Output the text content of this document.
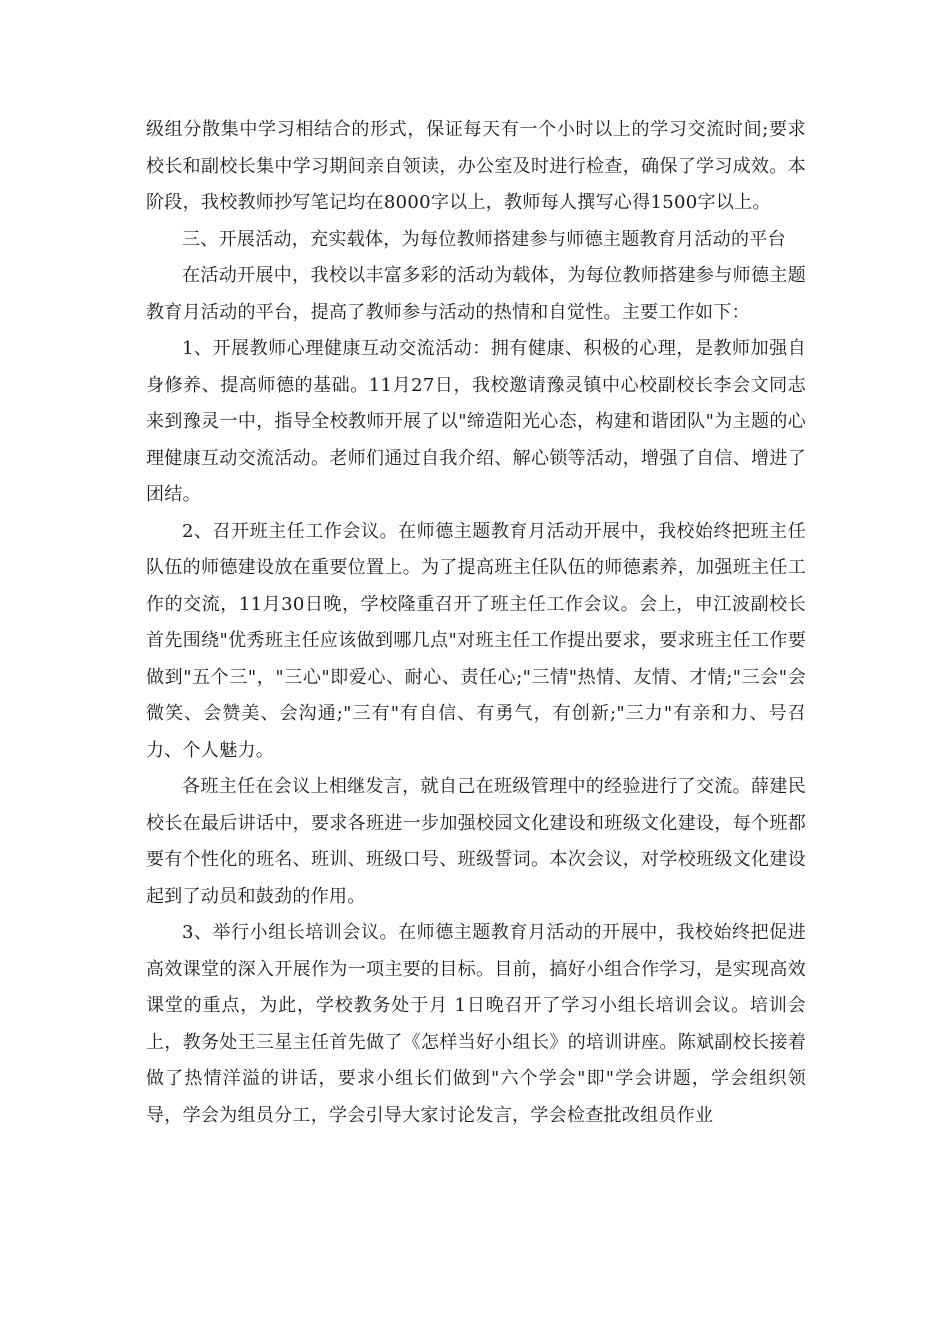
级组分散集中学习相结合的形式，保证每天有一个小时以上的学习交流时间;要求校长和副校长集中学习期间亲自领读，办公室及时进行检查，确保了学习成效。本阶段，我校教师抄写笔记均在8000字以上，教师每人撰写心得1500字以上。

三、开展活动，充实载体，为每位教师搭建参与师德主题教育月活动的平台

在活动开展中，我校以丰富多彩的活动为载体，为每位教师搭建参与师德主题教育月活动的平台，提高了教师参与活动的热情和自觉性。主要工作如下：

1、开展教师心理健康互动交流活动：拥有健康、积极的心理，是教师加强自身修养、提高师德的基础。11月27日，我校邀请豫灵镇中心校副校长李会文同志来到豫灵一中，指导全校教师开展了以"缔造阳光心态，构建和谐团队"为主题的心理健康互动交流活动。老师们通过自我介绍、解心锁等活动，增强了自信、增进了团结。

2、召开班主任工作会议。在师德主题教育月活动开展中，我校始终把班主任队伍的师德建设放在重要位置上。为了提高班主任队伍的师德素养，加强班主任工作的交流，11月30日晚，学校隆重召开了班主任工作会议。会上，申江波副校长首先围绕"优秀班主任应该做到哪几点"对班主任工作提出要求，要求班主任工作要做到"五个三"，"三心"即爱心、耐心、责任心;"三情"热情、友情、才情;"三会"会微笑、会赞美、会沟通;"三有"有自信、有勇气，有创新;"三力"有亲和力、号召力、个人魅力。

各班主任在会议上相继发言，就自己在班级管理中的经验进行了交流。薛建民校长在最后讲话中，要求各班进一步加强校园文化建设和班级文化建设，每个班都要有个性化的班名、班训、班级口号、班级誓词。本次会议，对学校班级文化建设起到了动员和鼓劲的作用。

3、举行小组长培训会议。在师德主题教育月活动的开展中，我校始终把促进高效课堂的深入开展作为一项主要的目标。目前，搞好小组合作学习，是实现高效课堂的重点，为此，学校教务处于月 1日晚召开了学习小组长培训会议。培训会上，教务处王三星主任首先做了《怎样当好小组长》的培训讲座。陈斌副校长接着做了热情洋溢的讲话，要求小组长们做到"六个学会"即"学会讲题，学会组织领导，学会为组员分工，学会引导大家讨论发言，学会检查批改组员作业
